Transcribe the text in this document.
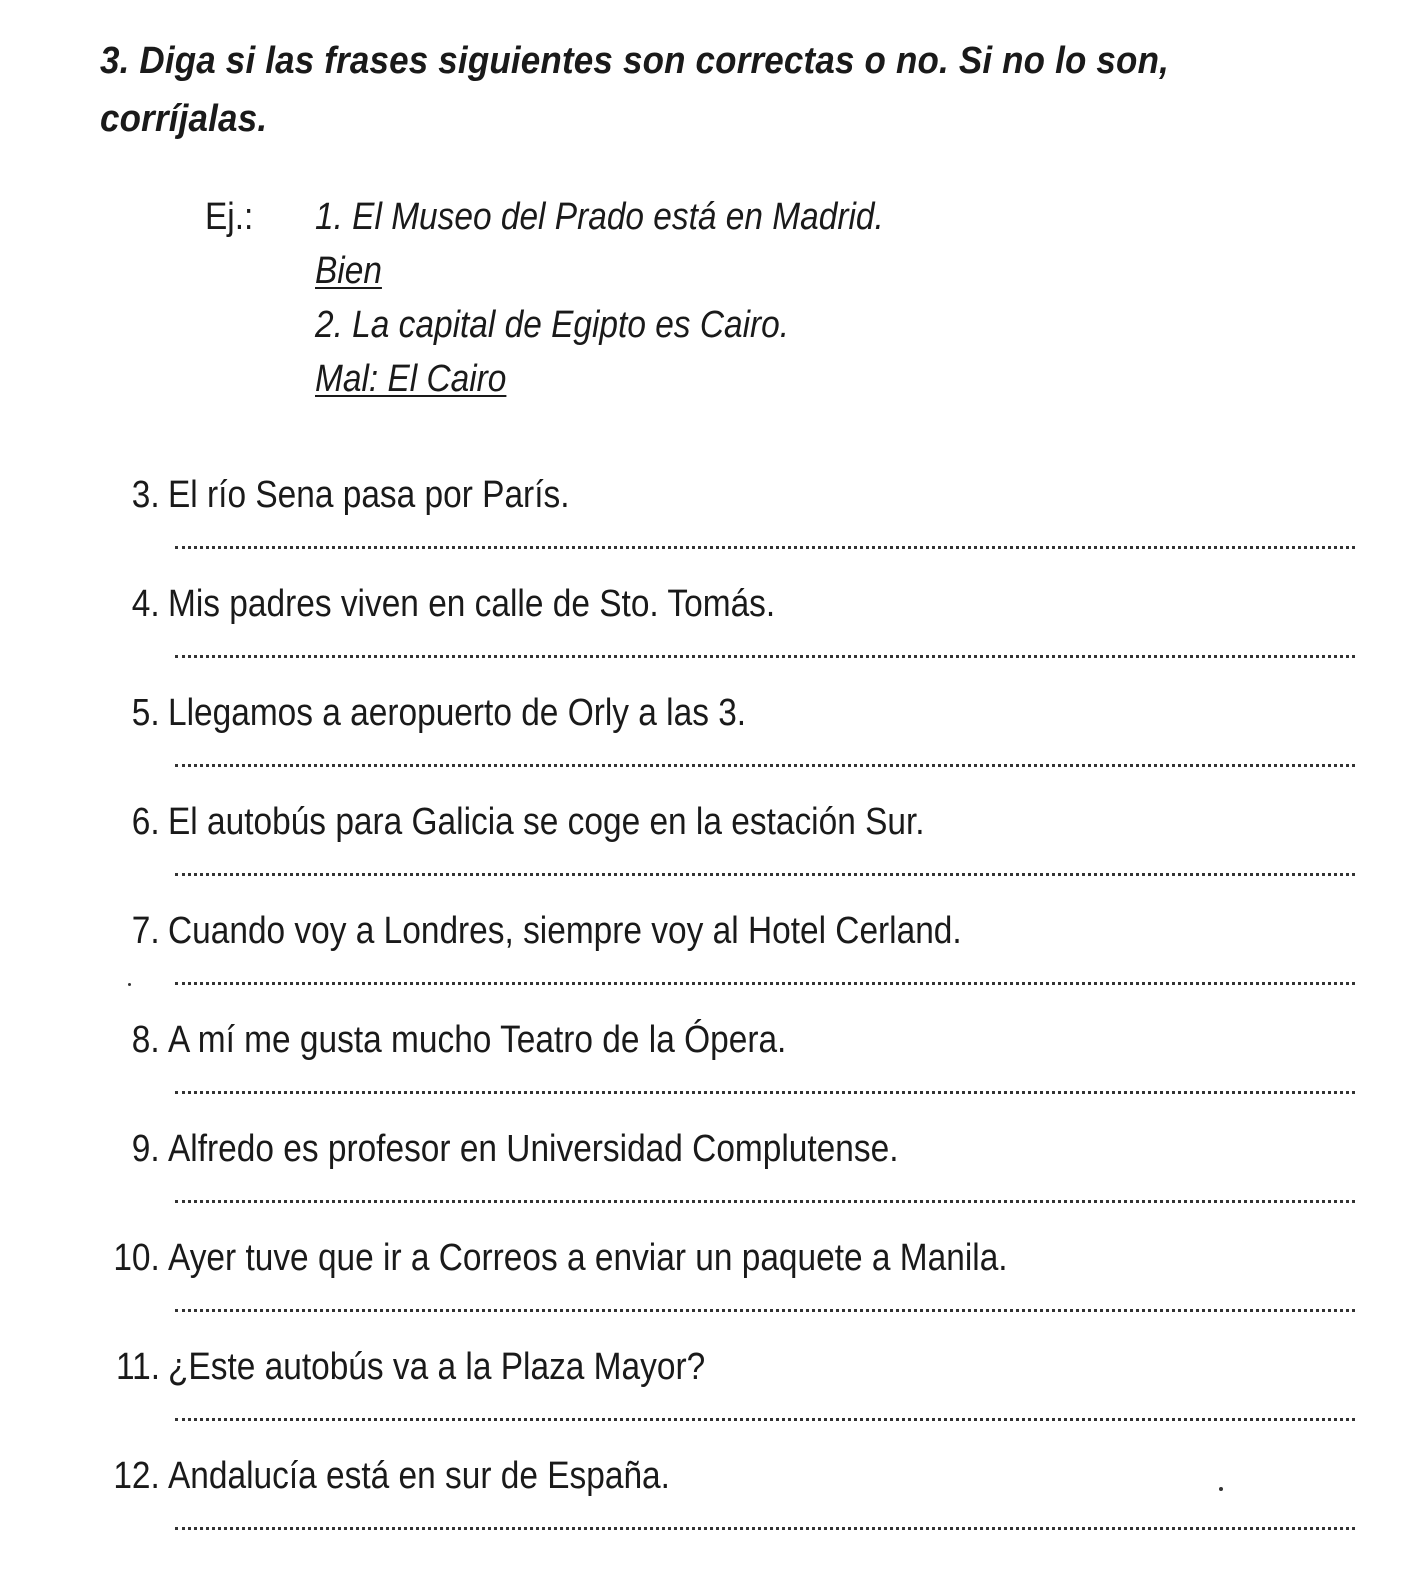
3. Diga si las frases siguientes son correctas o no. Si no lo son,
corríjalas.
Ej.: 1. El Museo del Prado está en Madrid.
Bien
2. La capital de Egipto es Cairo.
Mal: El Cairo
3. El río Sena pasa por París.
4. Mis padres viven en calle de Sto. Tomás.
5. Llegamos a aeropuerto de Orly a las 3.
6. El autobús para Galicia se coge en la estación Sur.
7. Cuando voy a Londres, siempre voy al Hotel Cerland.
8. A mí me gusta mucho Teatro de la Ópera.
9. Alfredo es profesor en Universidad Complutense.
10. Ayer tuve que ir a Correos a enviar un paquete a Manila.
11. ¿Este autobús va a la Plaza Mayor?
12. Andalucía está en sur de España.
